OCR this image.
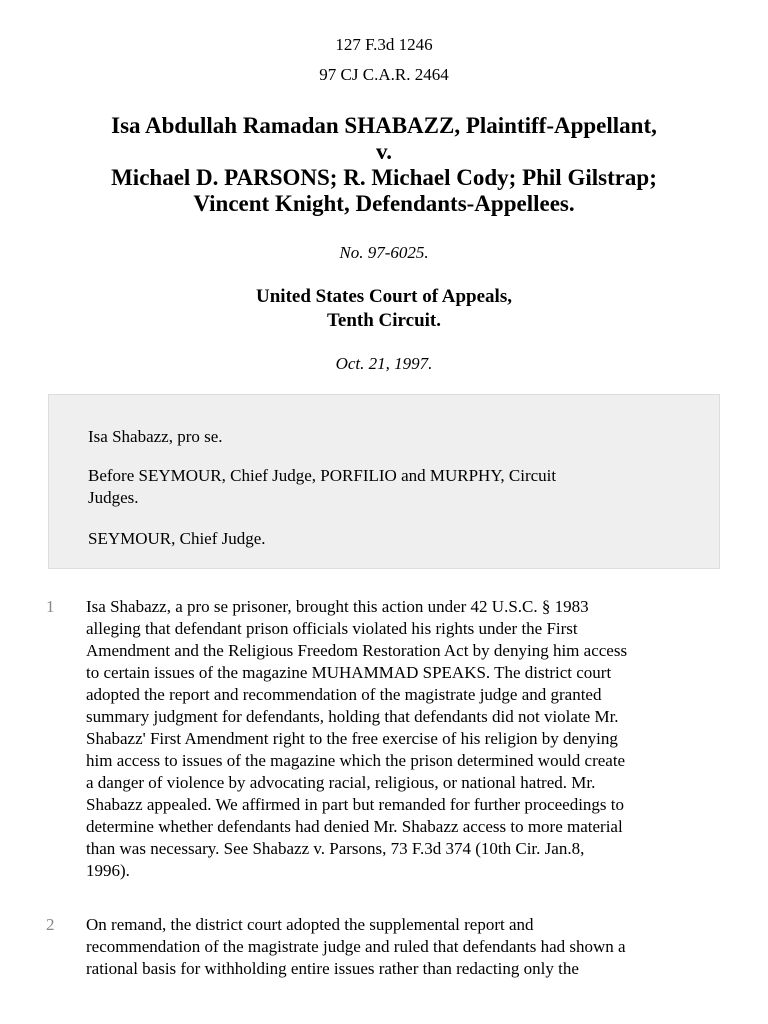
127 F.3d 1246
97 CJ C.A.R. 2464
Isa Abdullah Ramadan SHABAZZ, Plaintiff-Appellant,
v.
Michael D. PARSONS; R. Michael Cody; Phil Gilstrap;
Vincent Knight, Defendants-Appellees.
No. 97-6025.
United States Court of Appeals,
Tenth Circuit.
Oct. 21, 1997.
Isa Shabazz, pro se.
Before SEYMOUR, Chief Judge, PORFILIO and MURPHY, Circuit
Judges.
SEYMOUR, Chief Judge.
1 Isa Shabazz, a pro se prisoner, brought this action under 42 U.S.C. § 1983
alleging that defendant prison officials violated his rights under the First
Amendment and the Religious Freedom Restoration Act by denying him access
to certain issues of the magazine MUHAMMAD SPEAKS. The district court
adopted the report and recommendation of the magistrate judge and granted
summary judgment for defendants, holding that defendants did not violate Mr.
Shabazz' First Amendment right to the free exercise of his religion by denying
him access to issues of the magazine which the prison determined would create
a danger of violence by advocating racial, religious, or national hatred. Mr.
Shabazz appealed. We affirmed in part but remanded for further proceedings to
determine whether defendants had denied Mr. Shabazz access to more material
than was necessary. See Shabazz v. Parsons, 73 F.3d 374 (10th Cir. Jan.8,
1996).
2 On remand, the district court adopted the supplemental report and
recommendation of the magistrate judge and ruled that defendants had shown a
rational basis for withholding entire issues rather than redacting only the
